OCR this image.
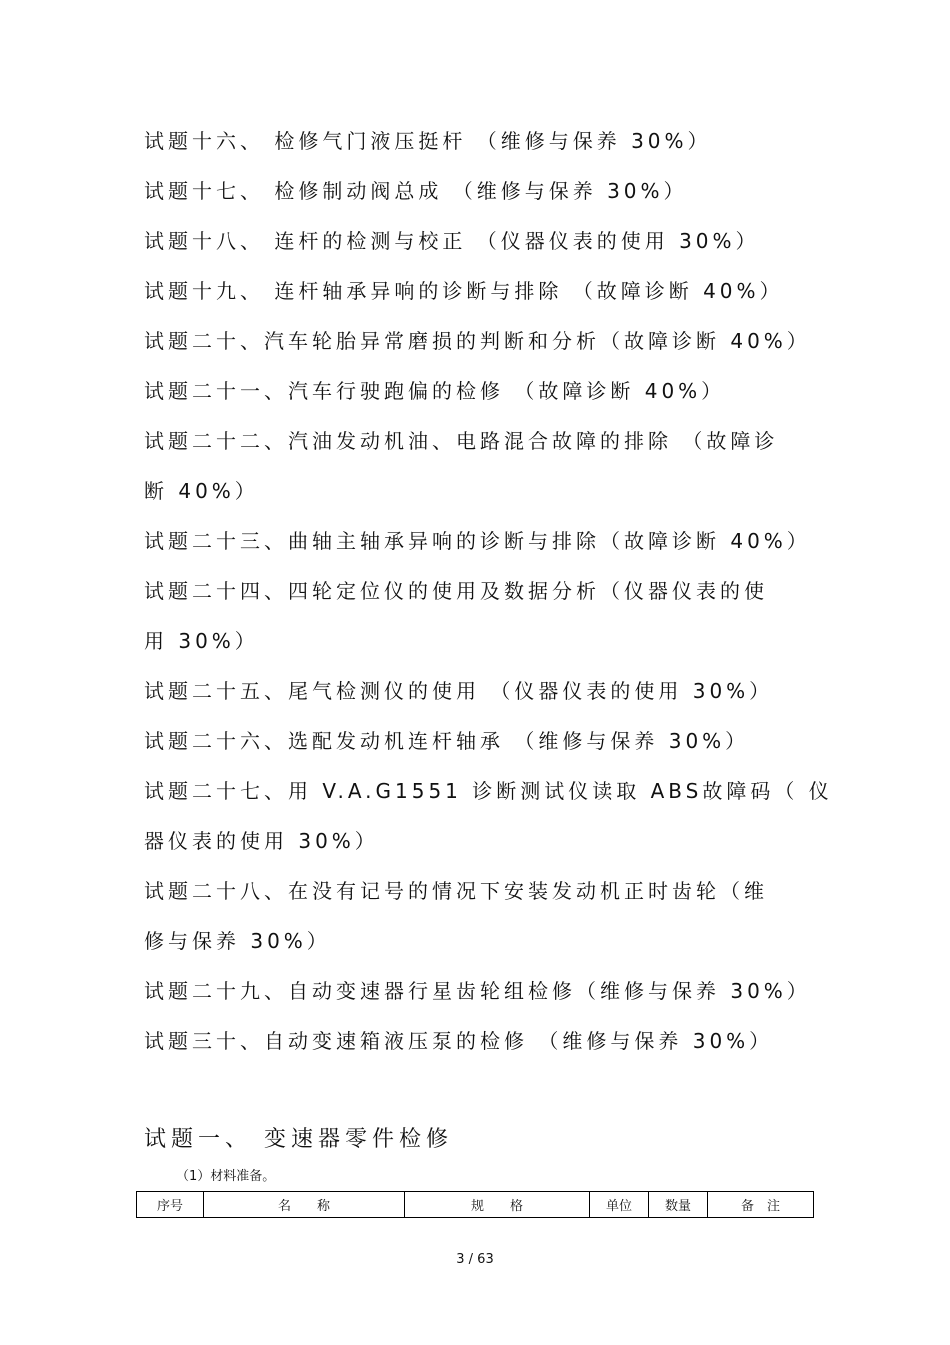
试题十六、 检修气门液压挺杆 （维修与保养 30%）
试题十七、 检修制动阀总成 （维修与保养 30%）
试题十八、 连杆的检测与校正 （仪器仪表的使用 30%）
试题十九、 连杆轴承异响的诊断与排除 （故障诊断 40%）
试题二十、汽车轮胎异常磨损的判断和分析（故障诊断 40%）
试题二十一、汽车行驶跑偏的检修 （故障诊断 40%）
试题二十二、汽油发动机油、电路混合故障的排除 （故障诊
断 40%）
试题二十三、曲轴主轴承异响的诊断与排除（故障诊断 40%）
试题二十四、四轮定位仪的使用及数据分析（仪器仪表的使
用 30%）
试题二十五、尾气检测仪的使用 （仪器仪表的使用 30%）
试题二十六、选配发动机连杆轴承 （维修与保养 30%）
试题二十七、用 V.A.G1551 诊断测试仪读取 ABS故障码（ 仪
器仪表的使用 30%）
试题二十八、在没有记号的情况下安装发动机正时齿轮（维
修与保养 30%）
试题二十九、自动变速器行星齿轮组检修（维修与保养 30%）
试题三十、自动变速箱液压泵的检修 （维修与保养 30%）
试题一、 变速器零件检修
（1）材料准备。
序号	名　　称	规　　格	单位	数量	备　注
3 / 63
